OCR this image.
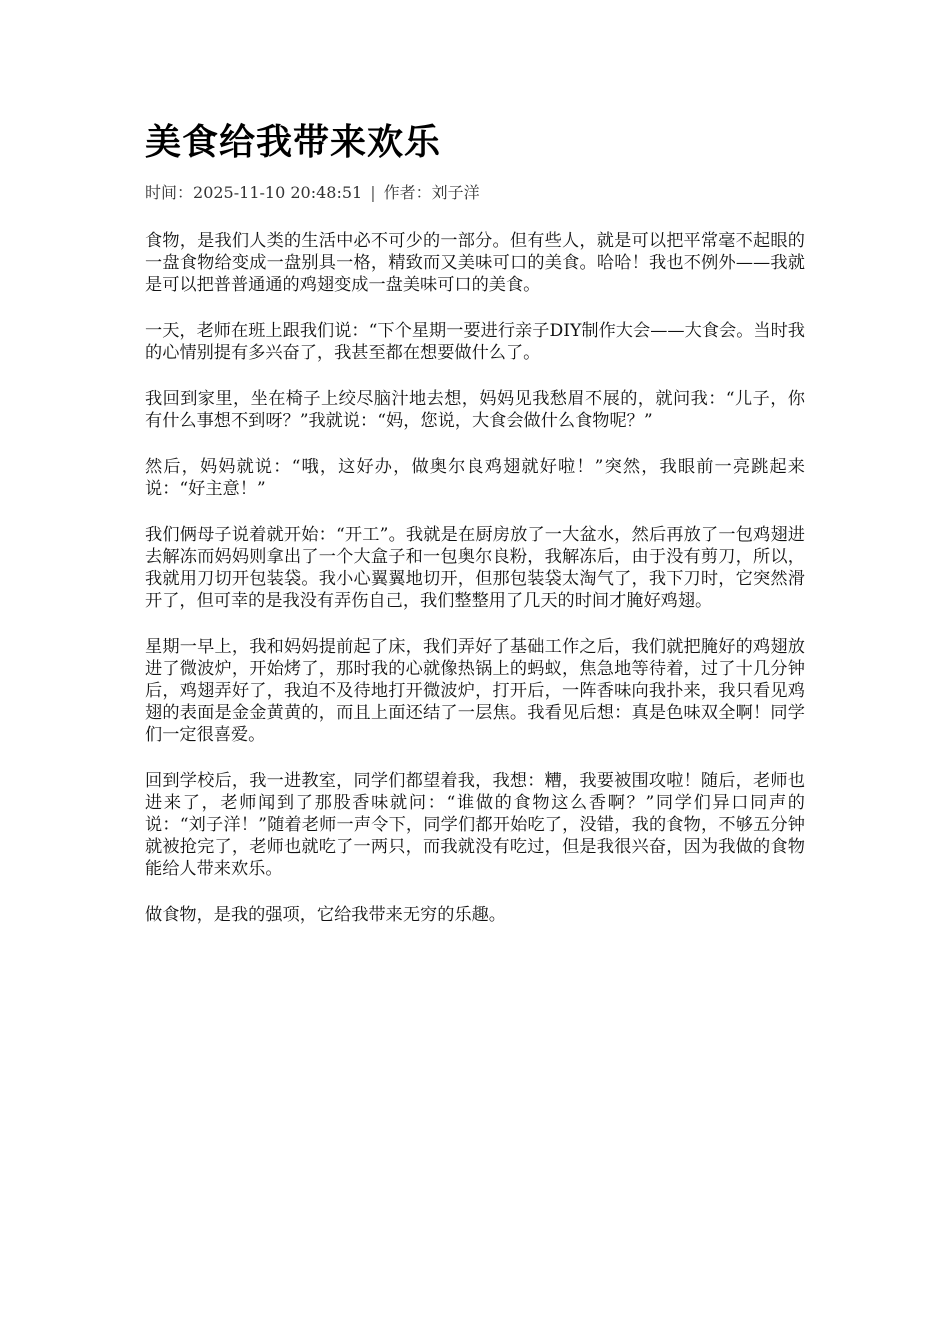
美食给我带来欢乐
时间：2025-11-10 20:48:51 | 作者：刘子洋

食物，是我们人类的生活中必不可少的一部分。但有些人，就是可以把平常毫不起眼的一盘食物给变成一盘别具一格，精致而又美味可口的美食。哈哈！我也不例外——我就是可以把普普通通的鸡翅变成一盘美味可口的美食。

一天，老师在班上跟我们说：“下个星期一要进行亲子DIY制作大会——大食会。当时我的心情别提有多兴奋了，我甚至都在想要做什么了。

我回到家里，坐在椅子上绞尽脑汁地去想，妈妈见我愁眉不展的，就问我：“儿子，你有什么事想不到呀？”我就说：“妈，您说，大食会做什么食物呢？”

然后，妈妈就说：“哦，这好办，做奥尔良鸡翅就好啦！”突然，我眼前一亮跳起来说：“好主意！”

我们俩母子说着就开始：“开工”。我就是在厨房放了一大盆水，然后再放了一包鸡翅进去解冻而妈妈则拿出了一个大盒子和一包奥尔良粉，我解冻后，由于没有剪刀，所以，我就用刀切开包装袋。我小心翼翼地切开，但那包装袋太淘气了，我下刀时，它突然滑开了，但可幸的是我没有弄伤自己，我们整整用了几天的时间才腌好鸡翅。

星期一早上，我和妈妈提前起了床，我们弄好了基础工作之后，我们就把腌好的鸡翅放进了微波炉，开始烤了，那时我的心就像热锅上的蚂蚁，焦急地等待着，过了十几分钟后，鸡翅弄好了，我迫不及待地打开微波炉，打开后，一阵香味向我扑来，我只看见鸡翅的表面是金金黄黄的，而且上面还结了一层焦。我看见后想：真是色味双全啊！同学们一定很喜爱。

回到学校后，我一进教室，同学们都望着我，我想：糟，我要被围攻啦！随后，老师也进来了，老师闻到了那股香味就问：“谁做的食物这么香啊？”同学们异口同声的说：“刘子洋！”随着老师一声令下，同学们都开始吃了，没错，我的食物，不够五分钟就被抢完了，老师也就吃了一两只，而我就没有吃过，但是我很兴奋，因为我做的食物能给人带来欢乐。

做食物，是我的强项，它给我带来无穷的乐趣。
